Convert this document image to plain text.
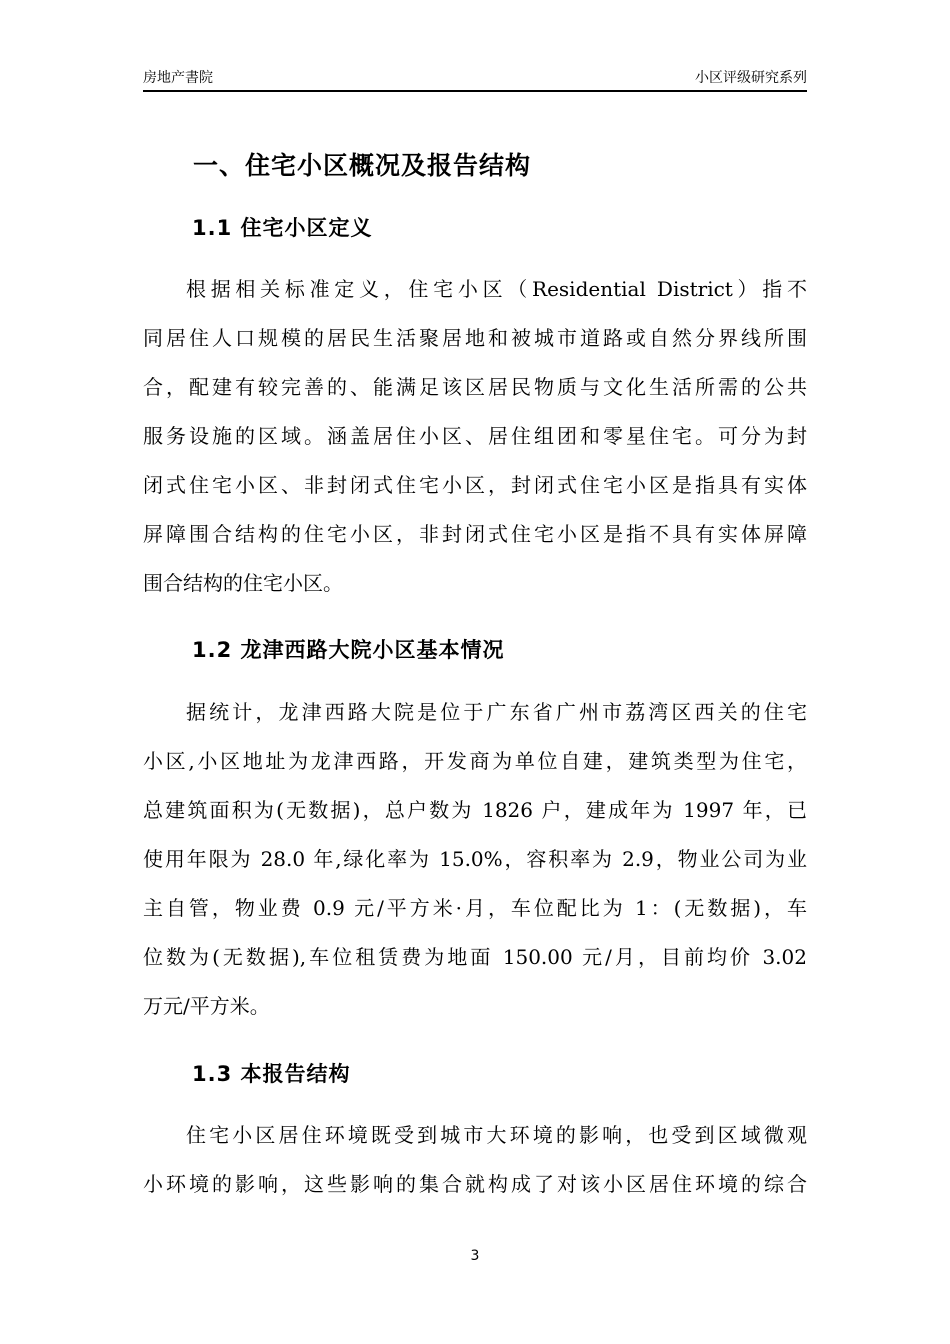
房地产書院	小区评级研究系列
一、住宅小区概况及报告结构
1.1 住宅小区定义
根据相关标准定义，住宅小区（Residential District）指不
同居住人口规模的居民生活聚居地和被城市道路或自然分界线所围
合，配建有较完善的、能满足该区居民物质与文化生活所需的公共
服务设施的区域。涵盖居住小区、居住组团和零星住宅。可分为封
闭式住宅小区、非封闭式住宅小区，封闭式住宅小区是指具有实体
屏障围合结构的住宅小区，非封闭式住宅小区是指不具有实体屏障
围合结构的住宅小区。
1.2 龙津西路大院小区基本情况
据统计，龙津西路大院是位于广东省广州市荔湾区西关的住宅
小区,小区地址为龙津西路，开发商为单位自建，建筑类型为住宅，
总建筑面积为(无数据)，总户数为 1826 户，建成年为 1997 年，已
使用年限为 28.0 年,绿化率为 15.0%，容积率为 2.9，物业公司为业
主自管，物业费 0.9 元/平方米·月，车位配比为 1：(无数据)，车
位数为(无数据),车位租赁费为地面 150.00 元/月，目前均价 3.02
万元/平方米。
1.3 本报告结构
住宅小区居住环境既受到城市大环境的影响，也受到区域微观
小环境的影响，这些影响的集合就构成了对该小区居住环境的综合
3
